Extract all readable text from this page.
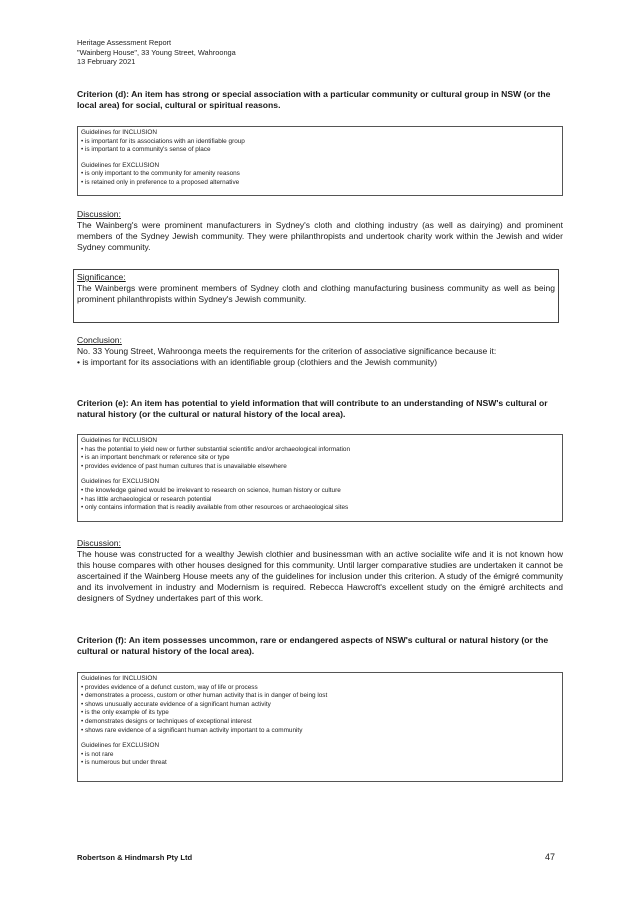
Heritage Assessment Report
"Wainberg House", 33 Young Street, Wahroonga
13 February 2021

Criterion (d): An item has strong or special association with a particular community or cultural group in NSW (or the local area) for social, cultural or spiritual reasons.

Guidelines for INCLUSION
• is important for its associations with an identifiable group
• is important to a community's sense of place
Guidelines for EXCLUSION
• is only important to the community for amenity reasons
• is retained only in preference to a proposed alternative

Discussion:

The Wainberg's were prominent manufacturers in Sydney's cloth and clothing industry (as well as dairying) and prominent members of the Sydney Jewish community. They were philanthropists and undertook charity work within the Jewish and wider Sydney community.

Significance:

The Wainbergs were prominent members of Sydney cloth and clothing manufacturing business community as well as being prominent philanthropists within Sydney's Jewish community.

Conclusion:

No. 33 Young Street, Wahroonga meets the requirements for the criterion of associative significance because it:

• is important for its associations with an identifiable group (clothiers and the Jewish community)

Criterion (e): An item has potential to yield information that will contribute to an understanding of NSW's cultural or natural history (or the cultural or natural history of the local area).

Guidelines for INCLUSION
• has the potential to yield new or further substantial scientific and/or archaeological information
• is an important benchmark or reference site or type
• provides evidence of past human cultures that is unavailable elsewhere
Guidelines for EXCLUSION
• the knowledge gained would be irrelevant to research on science, human history or culture
• has little archaeological or research potential
• only contains information that is readily available from other resources or archaeological sites

Discussion:

The house was constructed for a wealthy Jewish clothier and businessman with an active socialite wife and it is not known how this house compares with other houses designed for this community. Until larger comparative studies are undertaken it cannot be ascertained if the Wainberg House meets any of the guidelines for inclusion under this criterion. A study of the émigré community and its involvement in industry and Modernism is required. Rebecca Hawcroft's excellent study on the émigré architects and designers of Sydney undertakes part of this work.

Criterion (f): An item possesses uncommon, rare or endangered aspects of NSW's cultural or natural history (or the cultural or natural history of the local area).

Guidelines for INCLUSION
• provides evidence of a defunct custom, way of life or process
• demonstrates a process, custom or other human activity that is in danger of being lost
• shows unusually accurate evidence of a significant human activity
• is the only example of its type
• demonstrates designs or techniques of exceptional interest
• shows rare evidence of a significant human activity important to a community
Guidelines for EXCLUSION
• is not rare
• is numerous but under threat
Robertson & Hindmarsh Pty Ltd	47
